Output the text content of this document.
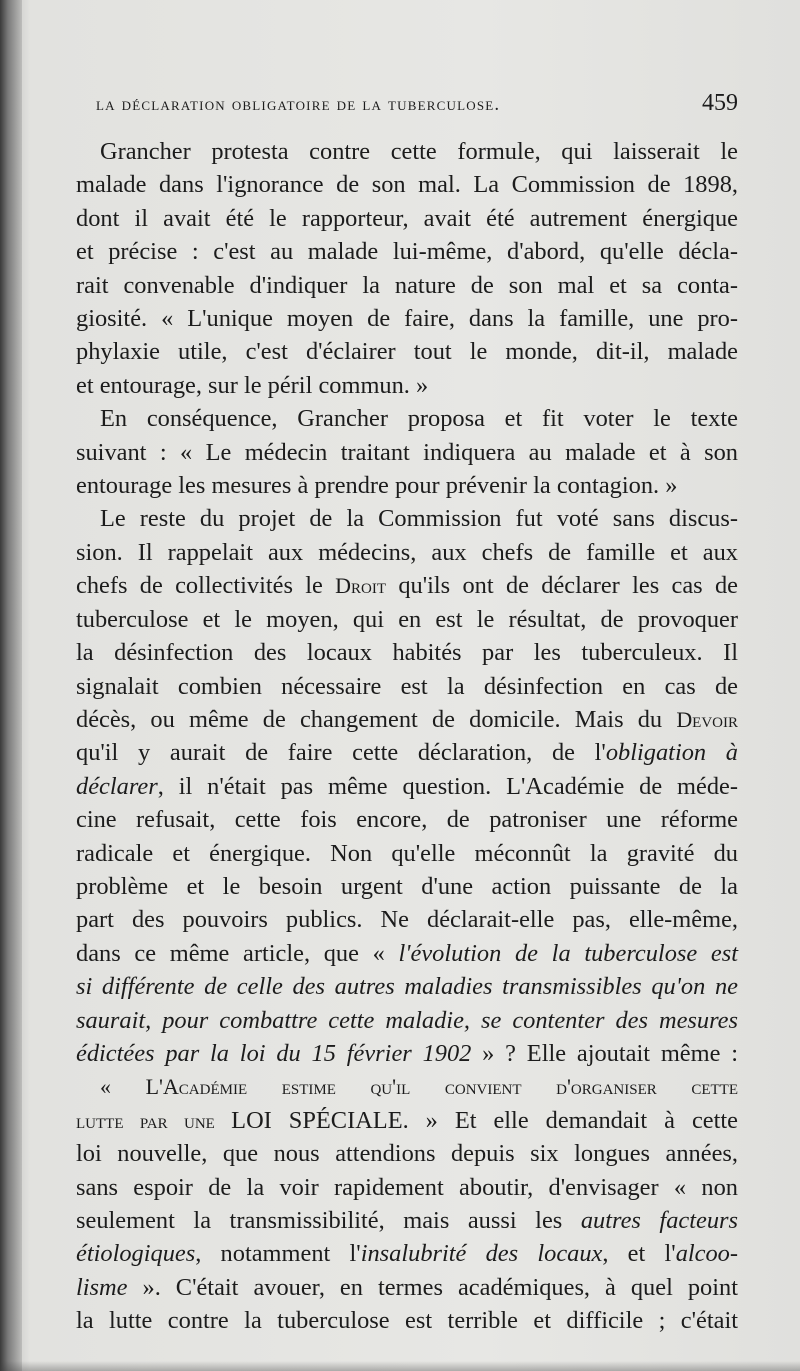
la déclaration obligatoire de la tuberculose.	459
Grancher protesta contre cette formule, qui laisserait le
malade dans l'ignorance de son mal. La Commission de 1898,
dont il avait été le rapporteur, avait été autrement énergique
et précise : c'est au malade lui-même, d'abord, qu'elle décla-
rait convenable d'indiquer la nature de son mal et sa conta-
giosité. « L'unique moyen de faire, dans la famille, une pro-
phylaxie utile, c'est d'éclairer tout le monde, dit-il, malade
et entourage, sur le péril commun. »
En conséquence, Grancher proposa et fit voter le texte
suivant : « Le médecin traitant indiquera au malade et à son
entourage les mesures à prendre pour prévenir la contagion. »
Le reste du projet de la Commission fut voté sans discus-
sion. Il rappelait aux médecins, aux chefs de famille et aux
chefs de collectivités le Droit qu'ils ont de déclarer les cas de
tuberculose et le moyen, qui en est le résultat, de provoquer
la désinfection des locaux habités par les tuberculeux. Il
signalait combien nécessaire est la désinfection en cas de
décès, ou même de changement de domicile. Mais du Devoir
qu'il y aurait de faire cette déclaration, de l'obligation à
déclarer, il n'était pas même question. L'Académie de méde-
cine refusait, cette fois encore, de patroniser une réforme
radicale et énergique. Non qu'elle méconnût la gravité du
problème et le besoin urgent d'une action puissante de la
part des pouvoirs publics. Ne déclarait-elle pas, elle-même,
dans ce même article, que « l'évolution de la tuberculose est
si différente de celle des autres maladies transmissibles qu'on ne
saurait, pour combattre cette maladie, se contenter des mesures
édictées par la loi du 15 février 1902 » ? Elle ajoutait même :
« L'Académie estime qu'il convient d'organiser cette
lutte par une LOI SPÉCIALE. » Et elle demandait à cette
loi nouvelle, que nous attendions depuis six longues années,
sans espoir de la voir rapidement aboutir, d'envisager « non
seulement la transmissibilité, mais aussi les autres facteurs
étiologiques, notamment l'insalubrité des locaux, et l'alcoo-
lisme ». C'était avouer, en termes académiques, à quel point
la lutte contre la tuberculose est terrible et difficile ; c'était
